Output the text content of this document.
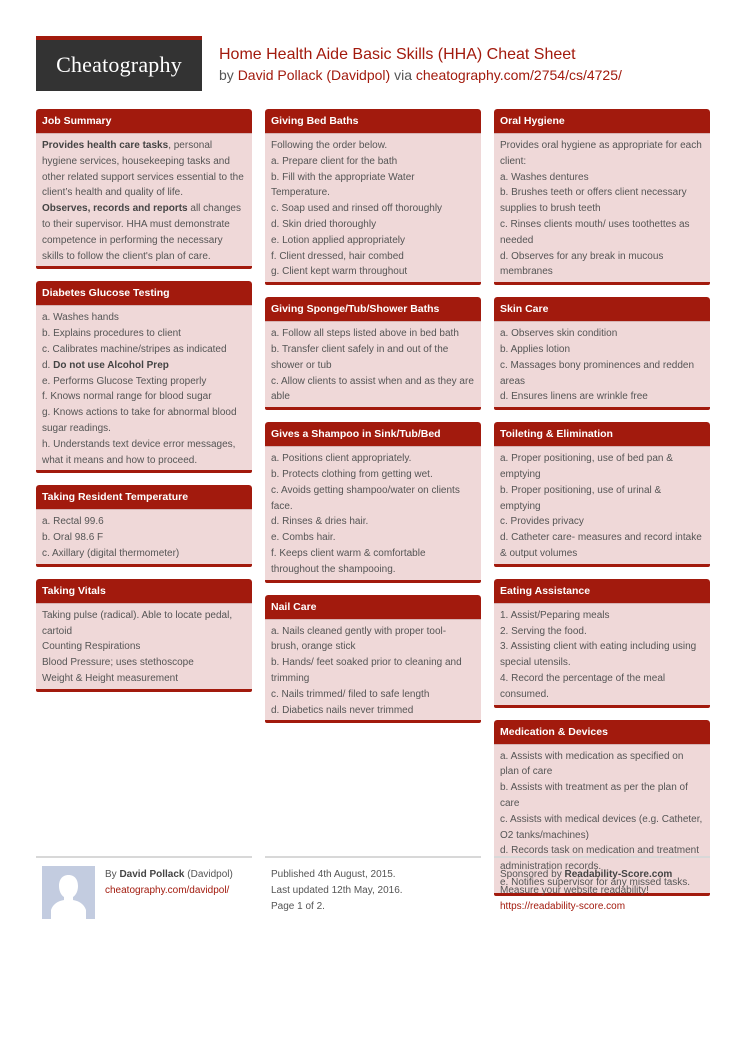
Cheatography	Home Health Aide Basic Skills (HHA) Cheat Sheet
by David Pollack (Davidpol) via cheatography.com/2754/cs/4725/
Job Summary

Provides health care tasks, personal hygiene services, housekeeping tasks and other related support services essential to the client’s health and quality of life.

Observes, records and reports all changes to their supervisor. HHA must demonstrate competence in performing the necessary skills to follow the client's plan of care.

Diabetes Glucose Testing

a. Washes hands

b. Explains procedures to client

c. Calibrates machine/stripes as indicated

d. Do not use Alcohol Prep

e. Performs Glucose Texting properly

f. Knows normal range for blood sugar

g. Knows actions to take for abnormal blood sugar readings.

h. Understands text device error messages, what it means and how to proceed.

Taking Resident Temperature

a. Rectal 99.6

b. Oral 98.6 F

c. Axillary (digital thermometer)

Taking Vitals

Taking pulse (radical). Able to locate pedal, cartoid

Counting Respirations

Blood Pressure; uses stethoscope

Weight & Height measurement

Giving Bed Baths

Following the order below.

a. Prepare client for the bath

b. Fill with the appropriate Water Temperature.

c. Soap used and rinsed off thoroughly

d. Skin dried thoroughly

e. Lotion applied appropriately

f. Client dressed, hair combed

g. Client kept warm throughout

Giving Sponge/Tub/Shower Baths

a. Follow all steps listed above in bed bath

b. Transfer client safely in and out of the shower or tub

c. Allow clients to assist when and as they are able

Gives a Shampoo in Sink/Tub/Bed

a. Positions client appropriately.

b. Protects clothing from getting wet.

c. Avoids getting shampoo/water on clients face.

d. Rinses & dries hair.

e. Combs hair.

f. Keeps client warm & comfortable throughout the shampooing.

Nail Care

a. Nails cleaned gently with proper tool- brush, orange stick

b. Hands/ feet soaked prior to cleaning and trimming

c. Nails trimmed/ filed to safe length

d. Diabetics nails never trimmed

Oral Hygiene

Provides oral hygiene as appropriate for each client:

a. Washes dentures

b. Brushes teeth or offers client necessary supplies to brush teeth

c. Rinses clients mouth/ uses toothettes as needed

d. Observes for any break in mucous membranes

Skin Care

a. Observes skin condition

b. Applies lotion

c. Massages bony prominences and redden areas

d. Ensures linens are wrinkle free

Toileting & Elimination

a. Proper positioning, use of bed pan & emptying

b. Proper positioning, use of urinal & emptying

c. Provides privacy

d. Catheter care- measures and record intake & output volumes

Eating Assistance

1. Assist/Peparing meals

2. Serving the food.

3. Assisting client with eating including using special utensils.

4. Record the percentage of the meal consumed.

Medication & Devices

a. Assists with medication as specified on plan of care

b. Assists with treatment as per the plan of care

c. Assists with medical devices (e.g. Catheter, O2 tanks/machines)

d. Records task on medication and treatment administration records.

e. Notifies supervisor for any missed tasks.

By David Pollack (Davidpol)
cheatography.com/davidpol/
Published 4th August, 2015.
Last updated 12th May, 2016.
Page 1 of 2.
Sponsored by Readability-Score.com
Measure your website readability!
https://readability-score.com
